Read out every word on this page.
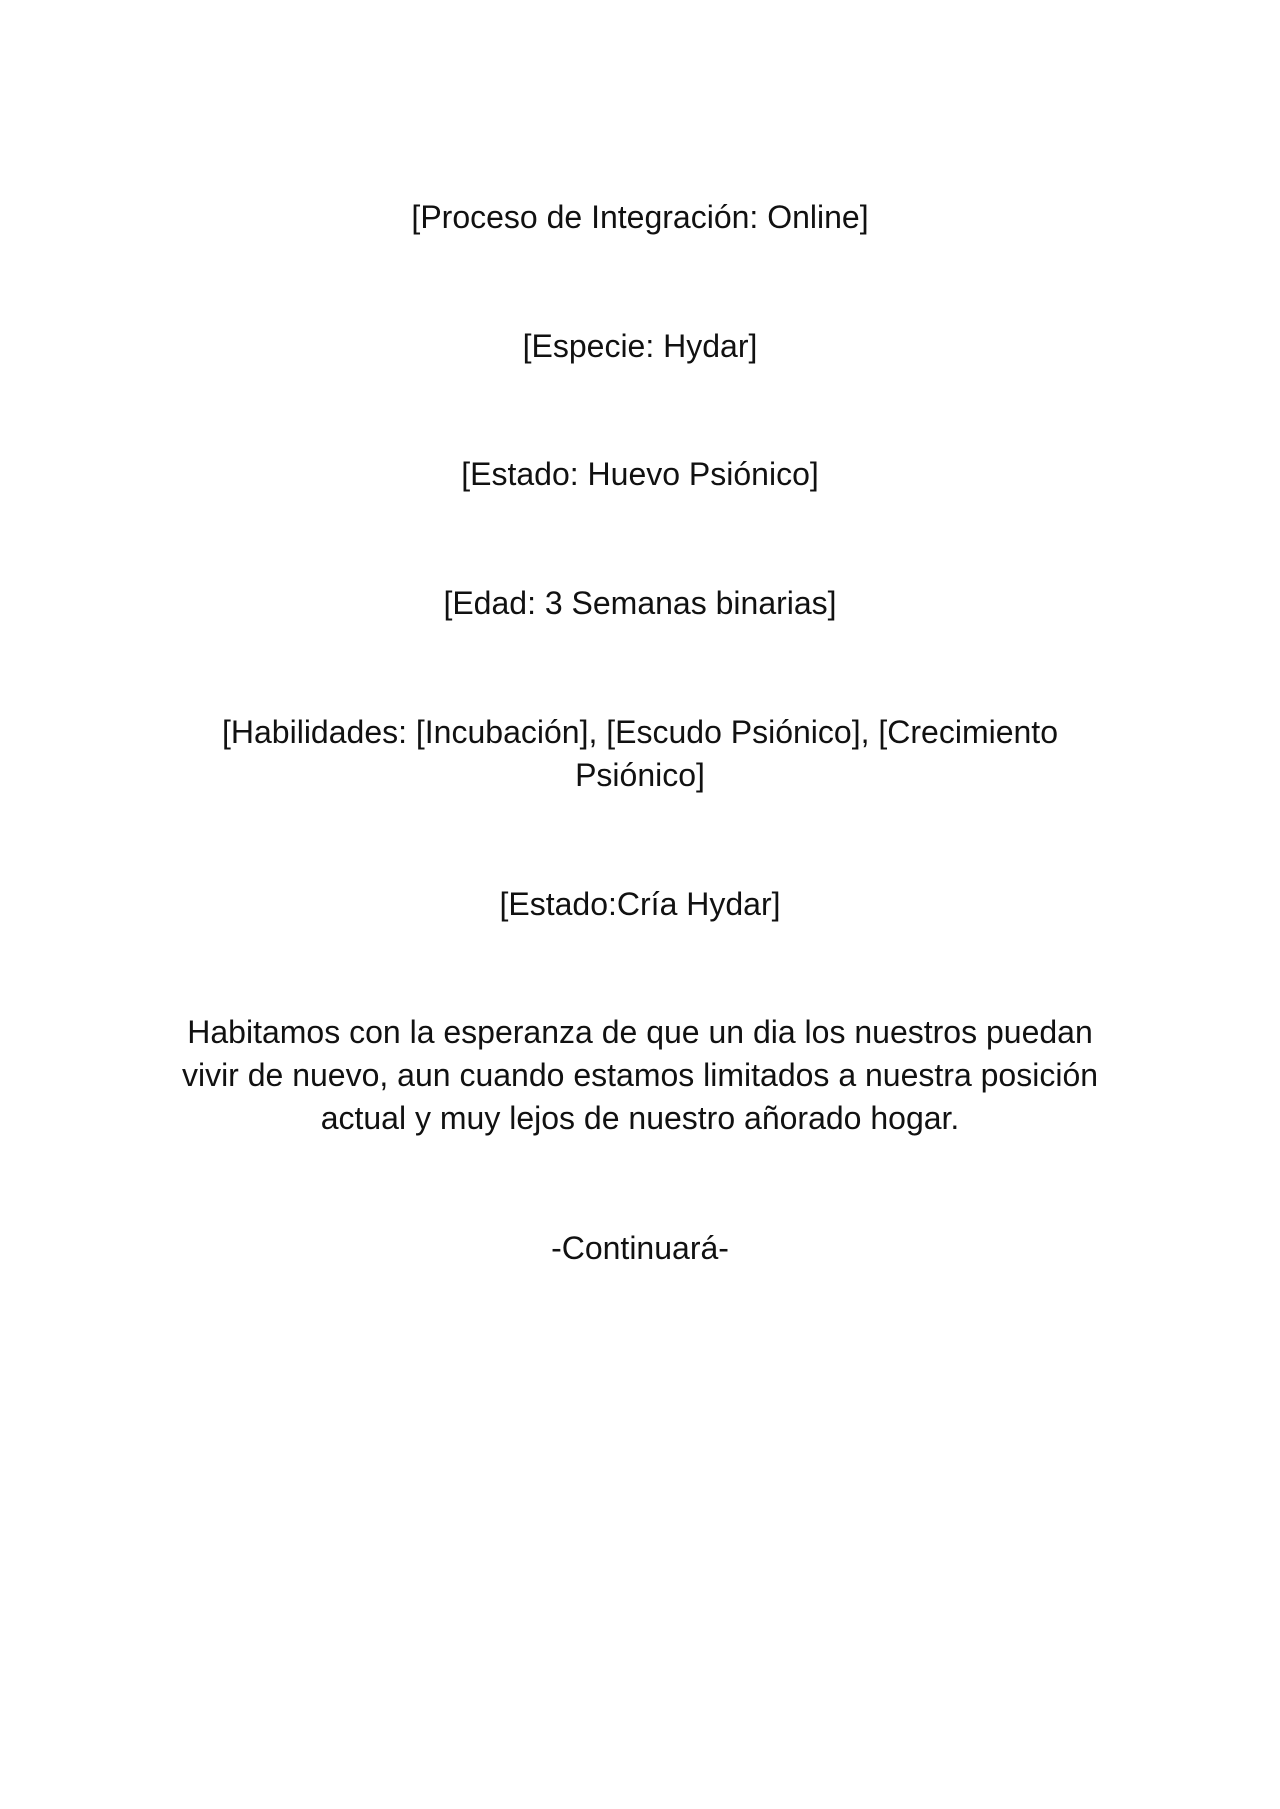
[Proceso de Integración: Online]

[Especie: Hydar]

[Estado: Huevo Psiónico]

[Edad: 3 Semanas binarias]

[Habilidades: [Incubación], [Escudo Psiónico], [Crecimiento Psiónico]

[Estado:Cría Hydar]

Habitamos con la esperanza de que un dia los nuestros puedan vivir de nuevo, aun cuando estamos limitados a nuestra posición actual y muy lejos de nuestro añorado hogar.

-Continuará-
